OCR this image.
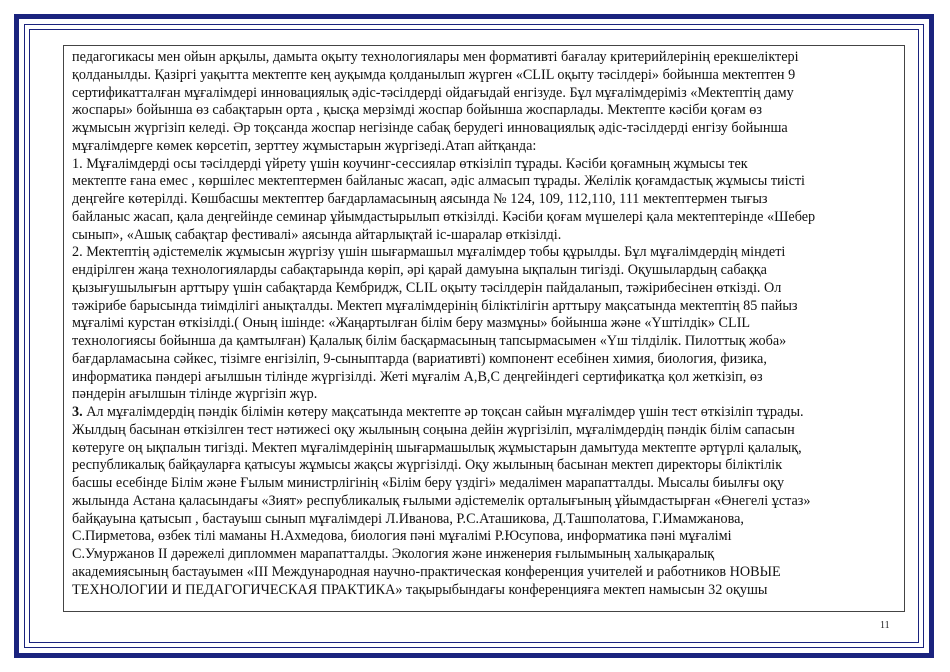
педагогикасы мен ойын арқылы, дамыта оқыту технологиялары мен формативті бағалау критерийлерінің ерекшеліктері
қолданылды. Қазіргі уақытта мектепте кең ауқымда қолданылып жүрген «CLIL оқыту тәсілдері» бойынша мектептен 9
сертификатталған мұғалімдері инновациялық әдіс-тәсілдерді ойдағыдай енгізуде. Бұл мұғалімдеріміз «Мектептің даму
жоспары» бойынша өз сабақтарын орта , қысқа мерзімді жоспар бойынша жоспарлады. Мектепте кәсіби қоғам өз
жұмысын жүргізіп келеді. Әр тоқсанда жоспар негізінде сабақ берудегі инновациялық әдіс-тәсілдерді енгізу бойынша
мұғалімдерге көмек көрсетіп, зерттеу жұмыстарын жүргізеді.Атап айтқанда:
1. Мұғалімдерді осы тәсілдерді үйрету үшін коучинг-сессиялар өткізіліп тұрады. Кәсіби қоғамның жұмысы тек
мектепте ғана емес , көршілес мектептермен байланыс жасап, әдіс алмасып тұрады. Желілік қоғамдастық жұмысы тиісті
деңгейге көтерілді. Көшбасшы мектептер бағдарламасының аясында № 124, 109, 112,110, 111 мектептермен тығыз
байланыс жасап, қала деңгейінде семинар ұйымдастырылып өткізілді. Кәсіби қоғам мүшелері қала мектептерінде «Шебер
сынып», «Ашық сабақтар фестивалі» аясында айтарлықтай іс-шаралар өткізілді.
2. Мектептің әдістемелік жұмысын жүргізу үшін шығармашыл мұғалімдер тобы құрылды. Бұл мұғалімдердің міндеті
ендірілген жаңа технологияларды сабақтарында көріп, әрі қарай дамуына ықпалын тигізді. Оқушылардың сабаққа
қызығушылығын арттыру үшін сабақтарда Кембридж, CLIL оқыту тәсілдерін пайдаланып, тәжірибесінен өткізді. Ол
тәжірибе барысында тиімділігі анықталды. Мектеп мұғалімдерінің біліктілігін арттыру мақсатында мектептің 85 пайыз
мұғалімі курстан өткізілді.( Оның ішінде: «Жаңартылған білім беру мазмұны» бойынша және «Үштілдік» CLIL
технологиясы бойынша да қамтылған) Қалалық білім басқармасының тапсырмасымен «Үш тілділік. Пилоттық жоба»
бағдарламасына сәйкес, тізімге енгізіліп, 9-сыныптарда (вариативті) компонент есебінен химия, биология, физика,
информатика пәндері ағылшын тілінде жүргізілді. Жеті мұғалім А,В,С деңгейіндегі сертификатқа қол жеткізіп, өз
пәндерін ағылшын тілінде жүргізіп жүр.
3. Ал мұғалімдердің пәндік білімін көтеру мақсатында мектепте әр тоқсан сайын мұғалімдер үшін тест өткізіліп тұрады.
Жылдың басынан өткізілген тест нәтижесі оқу жылының соңына дейін жүргізіліп, мұғалімдердің пәндік білім сапасын
көтеруге оң ықпалын тигізді. Мектеп мұғалімдерінің шығармашылық жұмыстарын дамытуда мектепте әртүрлі қалалық,
республикалық байқауларға қатысуы жұмысы жақсы жүргізілді. Оқу жылының басынан мектеп директоры біліктілік
басшы есебінде Білім және Ғылым министрлігінің «Білім беру үздігі» медалімен марапатталды. Мысалы биылғы оқу
жылында Астана қаласындағы «Зият» республикалық ғылыми әдістемелік орталығының ұйымдастырған «Өнегелі ұстаз»
байқауына қатысып , бастауыш сынып мұғалімдері Л.Иванова, Р.С.Аташикова, Д.Ташполатова, Г.Имамжанова,
С.Пирметова, өзбек тілі маманы Н.Ахмедова, биология пәні мұғалімі Р.Юсупова, информатика пәні мұғалімі
С.Умуржанов II дәрежелі дипломмен марапатталды. Экология және инженерия ғылымының халықаралық
академиясының бастауымен «III Международная научно-практическая конференция учителей и работников НОВЫЕ
ТЕХНОЛОГИИ И ПЕДАГОГИЧЕСКАЯ ПРАКТИКА» тақырыбындағы конференцияға мектеп намысын 32 оқушы
11
